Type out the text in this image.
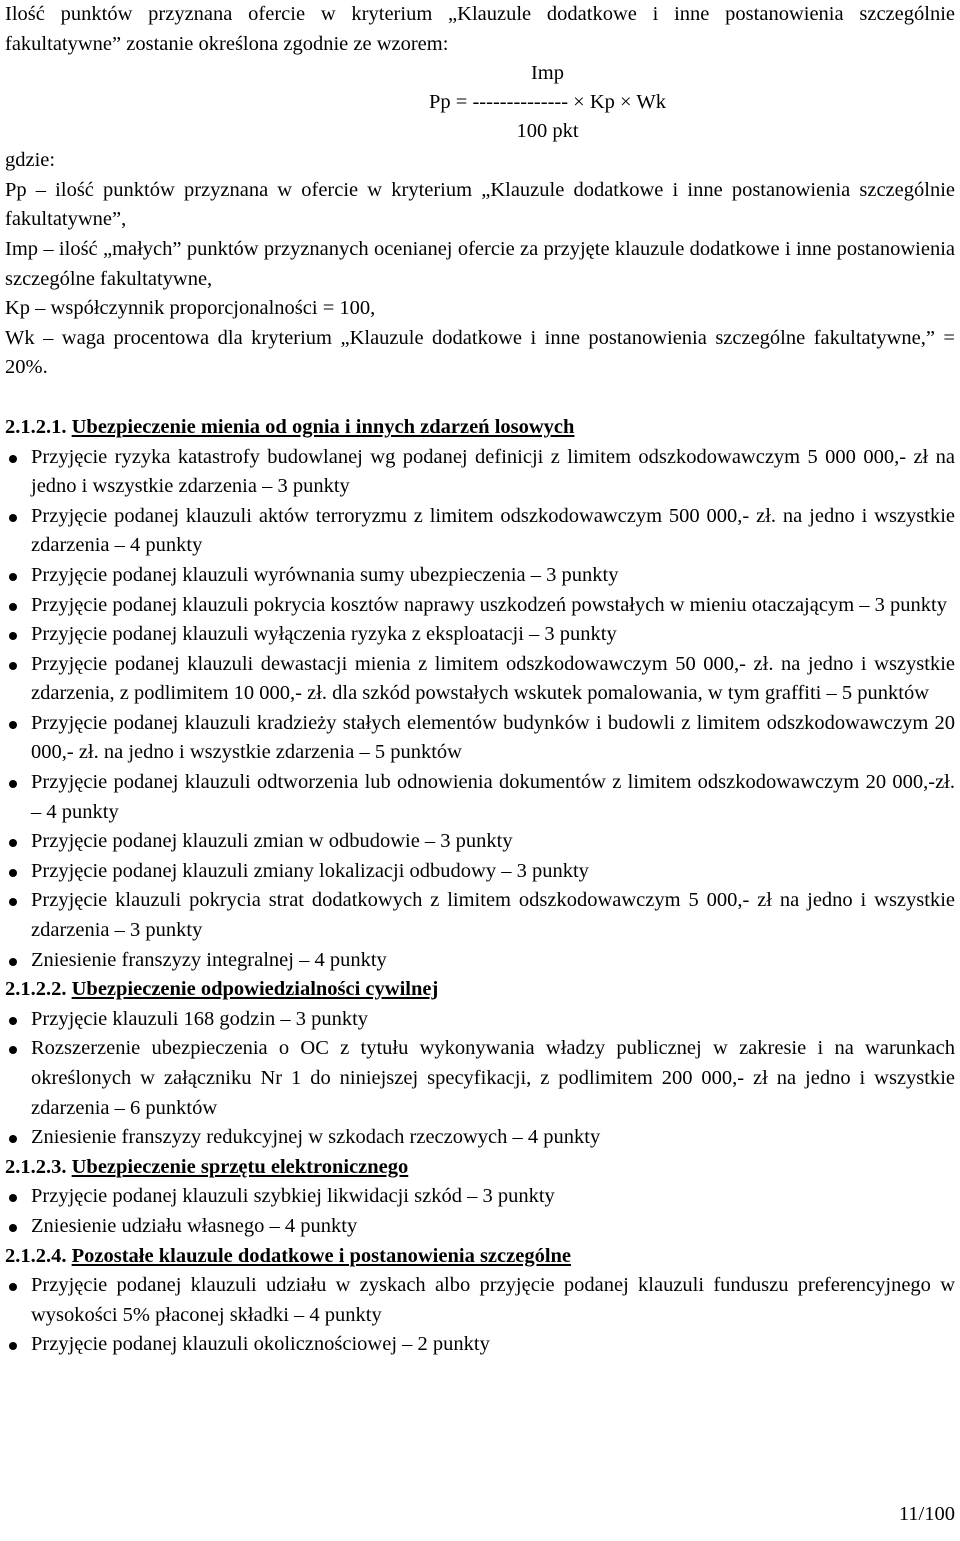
Ilość punktów przyznana ofercie w kryterium „Klauzule dodatkowe i inne postanowienia szczególnie fakultatywne” zostanie określona zgodnie ze wzorem:

Imp
Pp = -------------- × Kp × Wk
100 pkt

gdzie:

Pp – ilość punktów przyznana w ofercie w kryterium „Klauzule dodatkowe i inne postanowienia szczególnie fakultatywne”,

Imp – ilość „małych” punktów przyznanych ocenianej ofercie za przyjęte klauzule dodatkowe i inne postanowienia szczególne fakultatywne,

Kp – współczynnik proporcjonalności = 100,

Wk – waga procentowa dla kryterium „Klauzule dodatkowe i inne postanowienia szczególne fakultatywne,” = 20%.

2.1.2.1. Ubezpieczenie mienia od ognia i innych zdarzeń losowych

Przyjęcie ryzyka katastrofy budowlanej wg podanej definicji z limitem odszkodowawczym 5 000 000,- zł na jedno i wszystkie zdarzenia – 3 punkty
Przyjęcie podanej klauzuli aktów terroryzmu z limitem odszkodowawczym 500 000,- zł. na jedno i wszystkie zdarzenia – 4 punkty
Przyjęcie podanej klauzuli wyrównania sumy ubezpieczenia – 3 punkty
Przyjęcie podanej klauzuli pokrycia kosztów naprawy uszkodzeń powstałych w mieniu otaczającym – 3 punkty
Przyjęcie podanej klauzuli wyłączenia ryzyka z eksploatacji – 3 punkty
Przyjęcie podanej klauzuli dewastacji mienia z limitem odszkodowawczym 50 000,- zł. na jedno i wszystkie zdarzenia, z podlimitem 10 000,- zł. dla szkód powstałych wskutek pomalowania, w tym graffiti – 5 punktów
Przyjęcie podanej klauzuli kradzieży stałych elementów budynków i budowli z limitem odszkodowawczym 20 000,- zł. na jedno i wszystkie zdarzenia – 5 punktów
Przyjęcie podanej klauzuli odtworzenia lub odnowienia dokumentów z limitem odszkodowawczym 20 000,-zł. – 4 punkty
Przyjęcie podanej klauzuli zmian w odbudowie – 3 punkty
Przyjęcie podanej klauzuli zmiany lokalizacji odbudowy – 3 punkty
Przyjęcie klauzuli pokrycia strat dodatkowych z limitem odszkodowawczym 5 000,- zł na jedno i wszystkie zdarzenia – 3 punkty
Zniesienie franszyzy integralnej – 4 punkty

2.1.2.2. Ubezpieczenie odpowiedzialności cywilnej

Przyjęcie klauzuli 168 godzin – 3 punkty
Rozszerzenie ubezpieczenia o OC z tytułu wykonywania władzy publicznej w zakresie i na warunkach określonych w załączniku Nr 1 do niniejszej specyfikacji, z podlimitem 200 000,- zł na jedno i wszystkie zdarzenia – 6 punktów
Zniesienie franszyzy redukcyjnej w szkodach rzeczowych – 4 punkty

2.1.2.3. Ubezpieczenie sprzętu elektronicznego

Przyjęcie podanej klauzuli szybkiej likwidacji szkód – 3 punkty
Zniesienie udziału własnego – 4 punkty

2.1.2.4. Pozostałe klauzule dodatkowe i postanowienia szczególne

Przyjęcie podanej klauzuli udziału w zyskach albo przyjęcie podanej klauzuli funduszu preferencyjnego w wysokości 5% płaconej składki – 4 punkty
Przyjęcie podanej klauzuli okolicznościowej – 2 punkty
11/100
